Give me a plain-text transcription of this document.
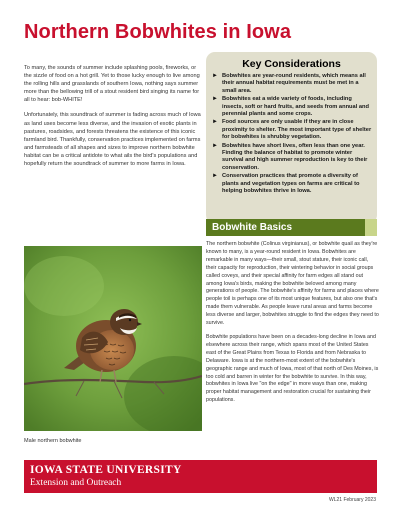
Northern Bobwhites in Iowa

To many, the sounds of summer include splashing pools, fireworks, or the sizzle of food on a hot grill. Yet to those lucky enough to live among the rolling hills and grasslands of southern Iowa, nothing says summer more than the bellowing trill of a stout resident bird singing its name for all to hear: bob-WHITE!

Unfortunately, this soundtrack of summer is fading across much of Iowa as land uses become less diverse, and the invasion of exotic plants in pastures, roadsides, and forests threatens the existence of this iconic farmland bird. Thankfully, conservation practices implemented on farms and farmsteads of all shapes and sizes to improve northern bobwhite habitat can be a critical antidote to what ails the bird's populations and hopefully return the soundtrack of summer to more farms in Iowa.

Key Considerations
► Bobwhites are year-round residents, which means all their annual habitat requirements must be met in a small area.
► Bobwhites eat a wide variety of foods, including insects, soft or hard fruits, and seeds from annual and perennial plants and some crops.
► Food sources are only usable if they are in close proximity to shelter. The most important type of shelter for bobwhites is shrubby vegetation.
► Bobwhites have short lives, often less than one year. Finding the balance of habitat to promote winter survival and high summer reproduction is key to their conservation.
► Conservation practices that promote a diversity of plants and vegetation types on farms are critical to helping bobwhites thrive in Iowa.
Male northern bobwhite
Bobwhite Basics

The northern bobwhite (Colinus virginianus), or bobwhite quail as they're known to many, is a year-round resident in Iowa. Bobwhites are remarkable in many ways—their small, stout stature, their iconic call, their capacity for reproduction, their wintering behavior in social groups called coveys, and their special affinity for farm edges all stand out among Iowa's birds, making the bobwhite beloved among many generations of people. The bobwhite's affinity for farms and places where people toil is perhaps one of its most unique features, but also one that's made them vulnerable. As people leave rural areas and farms become less diverse and larger, bobwhites struggle to find the edges they need to survive.

Bobwhite populations have been on a decades-long decline in Iowa and elsewhere across their range, which spans most of the United States east of the Great Plains from Texas to Florida and from Nebraska to Delaware. Iowa is at the northern-most extent of the bobwhite's geographic range and much of Iowa, most of that north of Des Moines, is too cold and barren in winter for the bobwhite to survive. In this way, bobwhites in Iowa live "on the edge" in more ways than one, making proper habitat management and restoration crucial for sustaining their populations.

IOWA STATE UNIVERSITY
Extension and Outreach
WL21 February 2023
